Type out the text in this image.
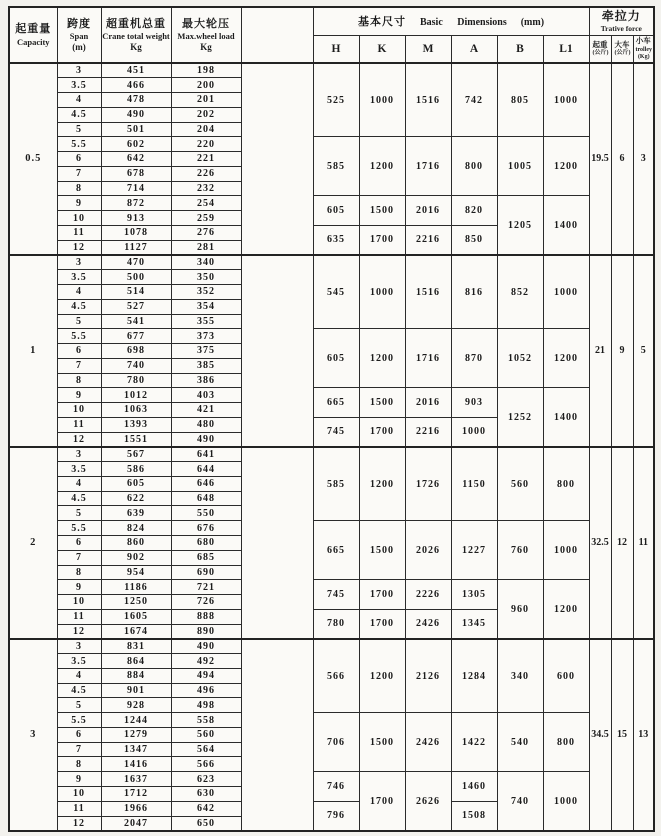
起重量
Capacity

跨度
Span
(m)

超重机总重
Crane total weight
Kg

最大轮压
Max.wheel load
Kg
		基本尺寸 Basic Dimensions (mm)	牵拉力
Trative force

H	K	M	A	B	L1	起重
(公斤)

大车
(公斤)

小车
trolley
(Kg)

0.5	3	451	198		525	1000	1516	742	805	1000	19.5	6	3
	3.5	466	200										
	4	478	201										
	4.5	490	202										
	5	501	204										
	5.5	602	220		585	1200	1716	800	1005	1200			
	6	642	221										
	7	678	226										
	8	714	232										
	9	872	254		605	1500	2016	820	1205	1400			
	10	913	259										
	11	1078	276		635	1700	2216	850					
	12	1127	281										
1	3	470	340		545	1000	1516	816	852	1000	21	9	5
	3.5	500	350										
	4	514	352										
	4.5	527	354										
	5	541	355										
	5.5	677	373		605	1200	1716	870	1052	1200			
	6	698	375										
	7	740	385										
	8	780	386										
	9	1012	403		665	1500	2016	903	1252	1400			
	10	1063	421										
	11	1393	480		745	1700	2216	1000					
	12	1551	490										
2	3	567	641		585	1200	1726	1150	560	800	32.5	12	11
	3.5	586	644										
	4	605	646										
	4.5	622	648										
	5	639	550										
	5.5	824	676		665	1500	2026	1227	760	1000			
	6	860	680										
	7	902	685										
	8	954	690										
	9	1186	721		745	1700	2226	1305	960	1200			
	10	1250	726										
	11	1605	888		780	1700	2426	1345					
	12	1674	890										
3	3	831	490		566	1200	2126	1284	340	600	34.5	15	13
	3.5	864	492										
	4	884	494										
	4.5	901	496										
	5	928	498										
	5.5	1244	558		706	1500	2426	1422	540	800			
	6	1279	560										
	7	1347	564										
	8	1416	566										
	9	1637	623		746	1700	2626	1460	740	1000			
	10	1712	630										
	11	1966	642		796			1508					
	12	2047	650										
